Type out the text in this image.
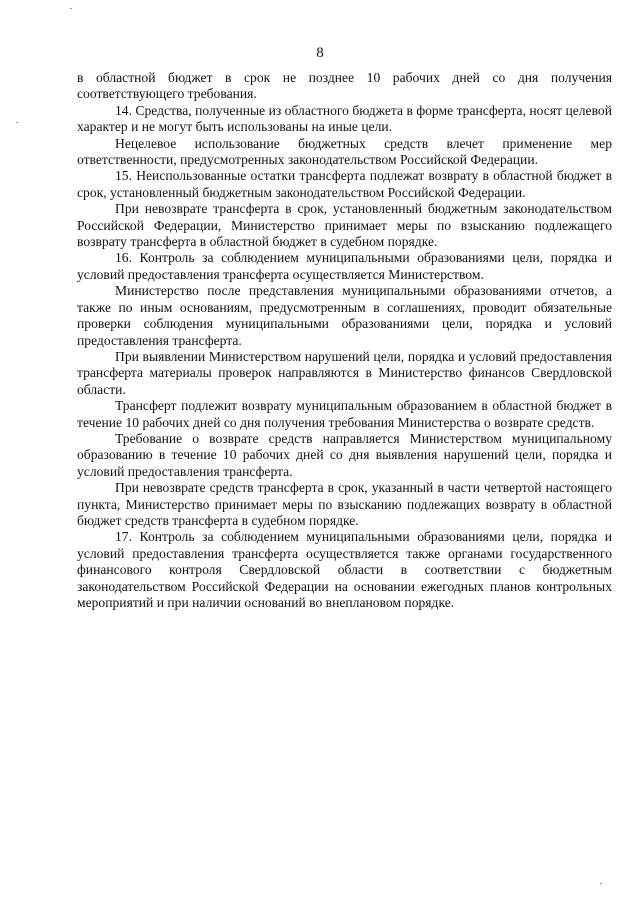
8

в областной бюджет в срок не позднее 10 рабочих дней со дня получения соответствующего требования.

14. Средства, полученные из областного бюджета в форме трансферта, носят целевой характер и не могут быть использованы на иные цели.

Нецелевое использование бюджетных средств влечет применение мер ответственности, предусмотренных законодательством Российской Федерации.

15. Неиспользованные остатки трансферта подлежат возврату в областной бюджет в срок, установленный бюджетным законодательством Российской Федерации.

При невозврате трансферта в срок, установленный бюджетным законодательством Российской Федерации, Министерство принимает меры по взысканию подлежащего возврату трансферта в областной бюджет в судебном порядке.

16. Контроль за соблюдением муниципальными образованиями цели, порядка и условий предоставления трансферта осуществляется Министерством.

Министерство после представления муниципальными образованиями отчетов, а также по иным основаниям, предусмотренным в соглашениях, проводит обязательные проверки соблюдения муниципальными образованиями цели, порядка и условий предоставления трансферта.

При выявлении Министерством нарушений цели, порядка и условий предоставления трансферта материалы проверок направляются в Министерство финансов Свердловской области.

Трансферт подлежит возврату муниципальным образованием в областной бюджет в течение 10 рабочих дней со дня получения требования Министерства о возврате средств.

Требование о возврате средств направляется Министерством муниципальному образованию в течение 10 рабочих дней со дня выявления нарушений цели, порядка и условий предоставления трансферта.

При невозврате средств трансферта в срок, указанный в части четвертой настоящего пункта, Министерство принимает меры по взысканию подлежащих возврату в областной бюджет средств трансферта в судебном порядке.

17. Контроль за соблюдением муниципальными образованиями цели, порядка и условий предоставления трансферта осуществляется также органами государственного финансового контроля Свердловской области в соответствии с бюджетным законодательством Российской Федерации на основании ежегодных планов контрольных мероприятий и при наличии оснований во внеплановом порядке.
